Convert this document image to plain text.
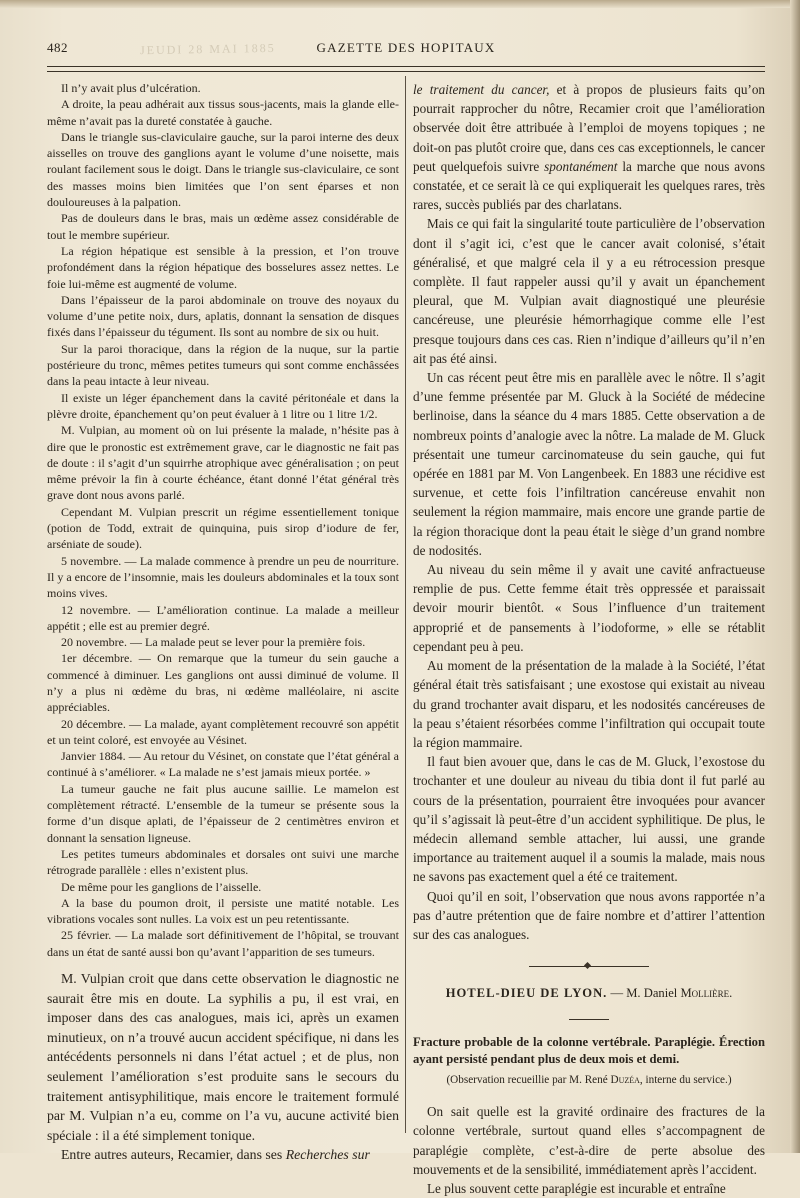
JEUDI 28 MAI 1885
482	GAZETTE DES HOPITAUX

Il n’y avait plus d’ulcération.

A droite, la peau adhérait aux tissus sous-jacents, mais la glande elle-même n’avait pas la dureté constatée à gauche.

Dans le triangle sus-claviculaire gauche, sur la paroi interne des deux aisselles on trouve des ganglions ayant le volume d’une noisette, mais roulant facilement sous le doigt. Dans le triangle sus-claviculaire, ce sont des masses moins bien limitées que l’on sent éparses et non douloureuses à la palpation.

Pas de douleurs dans le bras, mais un œdème assez considérable de tout le membre supérieur.

La région hépatique est sensible à la pression, et l’on trouve profondément dans la région hépatique des bosselures assez nettes. Le foie lui-même est augmenté de volume.

Dans l’épaisseur de la paroi abdominale on trouve des noyaux du volume d’une petite noix, durs, aplatis, donnant la sensation de disques fixés dans l’épaisseur du tégument. Ils sont au nombre de six ou huit.

Sur la paroi thoracique, dans la région de la nuque, sur la partie postérieure du tronc, mêmes petites tumeurs qui sont comme enchâssées dans la peau intacte à leur niveau.

Il existe un léger épanchement dans la cavité péritonéale et dans la plèvre droite, épanchement qu’on peut évaluer à 1 litre ou 1 litre 1/2.

M. Vulpian, au moment où on lui présente la malade, n’hésite pas à dire que le pronostic est extrêmement grave, car le diagnostic ne fait pas de doute : il s’agit d’un squirrhe atrophique avec généralisation ; on peut même prévoir la fin à courte échéance, étant donné l’état général très grave dont nous avons parlé.

Cependant M. Vulpian prescrit un régime essentiellement tonique (potion de Todd, extrait de quinquina, puis sirop d’iodure de fer, arséniate de soude).

5 novembre. — La malade commence à prendre un peu de nourriture. Il y a encore de l’insomnie, mais les douleurs abdominales et la toux sont moins vives.

12 novembre. — L’amélioration continue. La malade a meilleur appétit ; elle est au premier degré.

20 novembre. — La malade peut se lever pour la première fois.

1er décembre. — On remarque que la tumeur du sein gauche a commencé à diminuer. Les ganglions ont aussi diminué de volume. Il n’y a plus ni œdème du bras, ni œdème malléolaire, ni ascite appréciables.

20 décembre. — La malade, ayant complètement recouvré son appétit et un teint coloré, est envoyée au Vésinet.

Janvier 1884. — Au retour du Vésinet, on constate que l’état général a continué à s’améliorer. « La malade ne s’est jamais mieux portée. »

La tumeur gauche ne fait plus aucune saillie. Le mamelon est complètement rétracté. L’ensemble de la tumeur se présente sous la forme d’un disque aplati, de l’épaisseur de 2 centimètres environ et donnant la sensation ligneuse.

Les petites tumeurs abdominales et dorsales ont suivi une marche rétrograde parallèle : elles n’existent plus.

De même pour les ganglions de l’aisselle.

A la base du poumon droit, il persiste une matité notable. Les vibrations vocales sont nulles. La voix est un peu retentissante.

25 février. — La malade sort définitivement de l’hôpital, se trouvant dans un état de santé aussi bon qu’avant l’apparition de ses tumeurs.

M. Vulpian croit que dans cette observation le diagnostic ne saurait être mis en doute. La syphilis a pu, il est vrai, en imposer dans des cas analogues, mais ici, après un examen minutieux, on n’a trouvé aucun accident spécifique, ni dans les antécédents personnels ni dans l’état actuel ; et de plus, non seulement l’amélioration s’est produite sans le secours du traitement antisyphilitique, mais encore le traitement formulé par M. Vulpian n’a eu, comme on l’a vu, aucune activité bien spéciale : il a été simplement tonique.

Entre autres auteurs, Recamier, dans ses Recherches sur

le traitement du cancer, et à propos de plusieurs faits qu’on pourrait rapprocher du nôtre, Recamier croit que l’amélioration observée doit être attribuée à l’emploi de moyens topiques ; ne doit-on pas plutôt croire que, dans ces cas exceptionnels, le cancer peut quelquefois suivre spontanément la marche que nous avons constatée, et ce serait là ce qui expliquerait les quelques rares, très rares, succès publiés par des charlatans.

Mais ce qui fait la singularité toute particulière de l’observation dont il s’agit ici, c’est que le cancer avait colonisé, s’était généralisé, et que malgré cela il y a eu rétrocession presque complète. Il faut rappeler aussi qu’il y avait un épanchement pleural, que M. Vulpian avait diagnostiqué une pleurésie cancéreuse, une pleurésie hémorrhagique comme elle l’est presque toujours dans ces cas. Rien n’indique d’ailleurs qu’il n’en ait pas été ainsi.

Un cas récent peut être mis en parallèle avec le nôtre. Il s’agit d’une femme présentée par M. Gluck à la Société de médecine berlinoise, dans la séance du 4 mars 1885. Cette observation a de nombreux points d’analogie avec la nôtre. La malade de M. Gluck présentait une tumeur carcinomateuse du sein gauche, qui fut opérée en 1881 par M. Von Langenbeek. En 1883 une récidive est survenue, et cette fois l’infiltration cancéreuse envahit non seulement la région mammaire, mais encore une grande partie de la région thoracique dont la peau était le siège d’un grand nombre de nodosités.

Au niveau du sein même il y avait une cavité anfractueuse remplie de pus. Cette femme était très oppressée et paraissait devoir mourir bientôt. « Sous l’influence d’un traitement approprié et de pansements à l’iodoforme, » elle se rétablit cependant peu à peu.

Au moment de la présentation de la malade à la Société, l’état général était très satisfaisant ; une exostose qui existait au niveau du grand trochanter avait disparu, et les nodosités cancéreuses de la peau s’étaient résorbées comme l’infiltration qui occupait toute la région mammaire.

Il faut bien avouer que, dans le cas de M. Gluck, l’exostose du trochanter et une douleur au niveau du tibia dont il fut parlé au cours de la présentation, pourraient être invoquées pour avancer qu’il s’agissait là peut-être d’un accident syphilitique. De plus, le médecin allemand semble attacher, lui aussi, une grande importance au traitement auquel il a soumis la malade, mais nous ne savons pas exactement quel a été ce traitement.

Quoi qu’il en soit, l’observation que nous avons rapportée n’a pas d’autre prétention que de faire nombre et d’attirer l’attention sur des cas analogues.

HOTEL-DIEU DE LYON. — M. Daniel Mollière.

Fracture probable de la colonne vertébrale. Paraplégie. Érection ayant persisté pendant plus de deux mois et demi.

(Observation recueillie par M. René Duzéa, interne du service.)

On sait quelle est la gravité ordinaire des fractures de la colonne vertébrale, surtout quand elles s’accompagnent de paraplégie complète, c’est-à-dire de perte absolue des mouvements et de la sensibilité, immédiatement après l’accident.

Le plus souvent cette paraplégie est incurable et entraîne
